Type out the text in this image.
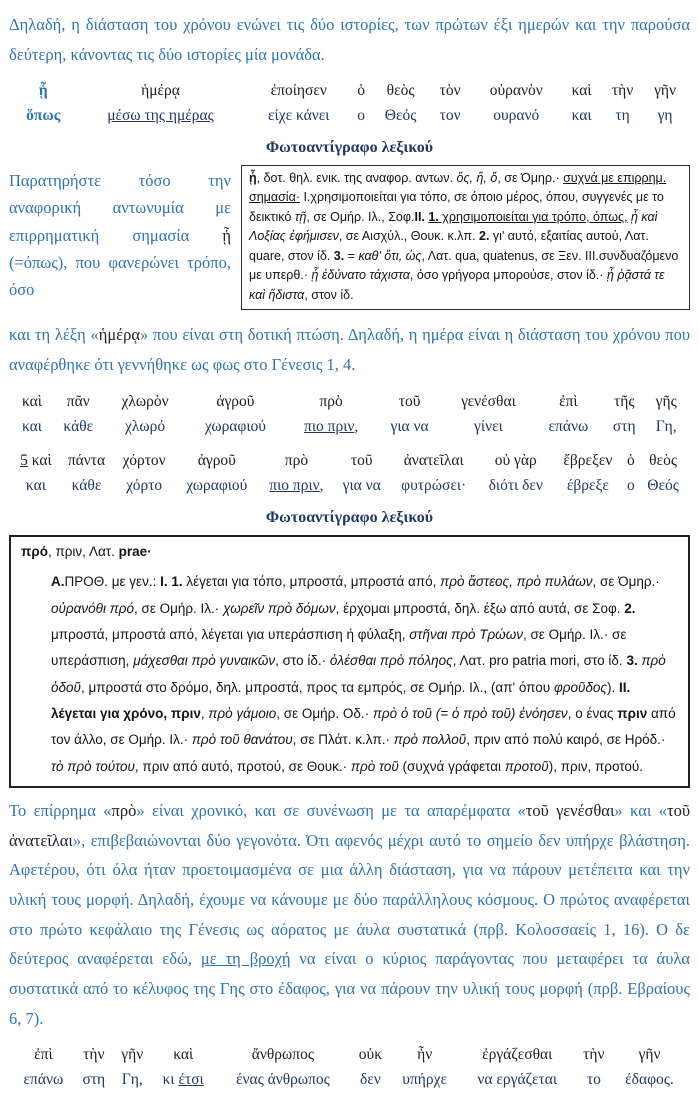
Δηλαδή, η διάσταση του χρόνου ενώνει τις δύο ιστορίες, των πρώτων έξι ημερών και την παρούσα δεύτερη, κάνοντας τις δύο ιστορίες μία μονάδα.

ᾗ	ἡμέρᾳ	ἐποίησεν	ὁ	θεὸς	τὸν	οὐρανὸν	καὶ	τὴν	γῆν
ὅπως	μέσω της ημέρας	είχε κάνει	ο	Θεός	τον	ουρανό	και	τη	γη
Φωτοαντίγραφο λεξικού
Παρατηρήστε τόσο την αναφορική αντωνυμία με επιρρηματική σημασία ᾗ (=όπως), που φανερώνει τρόπο, όσο
ᾗ, δοτ. θηλ. ενικ. της αναφορ. αντων. ὅς, ἥ, ὅ, σε Όμηρ.· συχνά με επιρρημ. σημασία· I.χρησιμοποιείται για τόπο, σε όποιο μέρος, όπου, συγγενές με το δεικτικό τῇ, σε Ομήρ. Ιλ., Σοφ.II. 1. χρησιμοποιείται για τρόπο, όπως, ᾗ καὶ Λοξίας ἐφήμισεν, σε Αισχύλ., Θουκ. κ.λπ. 2. γι' αυτό, εξαιτίας αυτού, Λατ. quare, στον ίδ. 3. = καθ' ὅτι, ὡς, Λατ. qua, quatenus, σε Ξεν. III.συνδυαζόμενο με υπερθ.· ᾗ ἐδύνατο τάχιστα, όσο γρήγορα μπορούσε, στον ίδ.· ᾗ ῥᾷστά τε καὶ ἥδιστα, στον ίδ.

και τη λέξη «ἡμέρᾳ» που είναι στη δοτική πτώση. Δηλαδή, η ημέρα είναι η διάσταση του χρόνου που αναφέρθηκε ότι γεννήθηκε ως φως στο Γένεσις 1, 4.

καὶ	πᾶν	χλωρὸν	ἀγροῦ	πρὸ	τοῦ	γενέσθαι	ἐπὶ	τῆς	γῆς
και	κάθε	χλωρό	χωραφιού	πιο πριν,	για να	γίνει	επάνω	στη	Γη,
5 καὶ	πάντα	χόρτον	ἀγροῦ	πρὸ	τοῦ	ἀνατεῖλαι	οὐ γὰρ	ἔβρεξεν	ὁ	θεὸς
και	κάθε	χόρτο	χωραφιού	πιο πριν,	για να	φυτρώσει·	διότι δεν	έβρεξε	ο	Θεός
Φωτοαντίγραφο λεξικού
πρό, πριν, Λατ. prae·
Α.ΠΡΟΘ. με γεν.: Ι. 1. λέγεται για τόπο, μπροστά, μπροστά από, πρὸ ἄστεος, πρὸ πυλάων, σε Όμηρ.· οὐρανόθι πρό, σε Ομήρ. Ιλ.· χωρεῖν πρὸ δόμων, έρχομαι μπροστά, δηλ. έξω από αυτά, σε Σοφ. 2. μπροστά, μπροστά από, λέγεται για υπεράσπιση ή φύλαξη, στῆναι πρὸ Τρώων, σε Ομήρ. Ιλ.· σε υπεράσπιση, μάχεσθαι πρὸ γυναικῶν, στο ίδ.· ὀλέσθαι πρὸ πόληος, Λατ. pro patria mori, στο ίδ. 3. πρὸ ὁδοῦ, μπροστά στο δρόμο, δηλ. μπροστά, προς τα εμπρός, σε Ομήρ. Ιλ., (απ' όπου φροῦδος). ΙΙ. λέγεται για χρόνο, πριν, πρὸ γάμοιο, σε Ομήρ. Οδ.· πρὸ ὁ τοῦ (= ὁ πρὸ τοῦ) ἐνόησεν, ο ένας πριν από τον άλλο, σε Ομήρ. Ιλ.· πρὸ τοῦ θανάτου, σε Πλάτ. κ.λπ.· πρὸ πολλοῦ, πριν από πολύ καιρό, σε Ηρόδ.· τὸ πρὸ τούτου, πριν από αυτό, προτού, σε Θουκ.· πρὸ τοῦ (συχνά γράφεται προτοῦ), πριν, προτού.

Το επίρρημα «πρὸ» είναι χρονικό, και σε συνένωση με τα απαρέμφατα «τοῦ γενέσθαι» και «τοῦ ἀνατεῖλαι», επιβεβαιώνονται δύο γεγονότα. Ότι αφενός μέχρι αυτό το σημείο δεν υπήρχε βλάστηση. Αφετέρου, ότι όλα ήταν προετοιμασμένα σε μια άλλη διάσταση, για να πάρουν μετέπειτα και την υλική τους μορφή. Δηλαδή, έχουμε να κάνουμε με δύο παράλληλους κόσμους. Ο πρώτος αναφέρεται στο πρώτο κεφάλαιο της Γένεσις ως αόρατος με άυλα συστατικά (πρβ. Κολοσσαείς 1, 16). Ο δε δεύτερος αναφέρεται εδώ, με τη βροχή να είναι ο κύριος παράγοντας που μεταφέρει τα άυλα συστατικά από το κέλυφος της Γης στο έδαφος, για να πάρουν την υλική τους μορφή (πρβ. Εβραίους 6, 7).

ἐπὶ	τὴν	γῆν	καὶ	ἄνθρωπος	οὐκ	ἦν	ἐργάζεσθαι	τὴν	γῆν
επάνω	στη	Γη,	κι έτσι	ένας άνθρωπος	δεν	υπήρχε	να εργάζεται	το	έδαφος.
